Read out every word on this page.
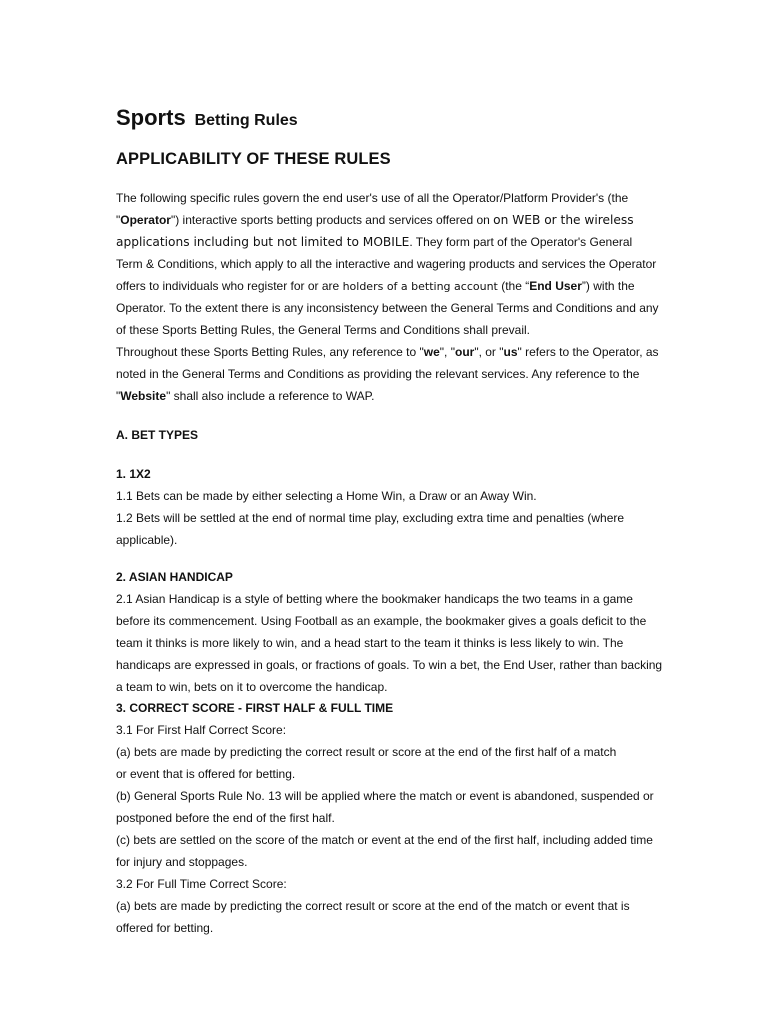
Sports Betting Rules
APPLICABILITY OF THESE RULES

The following specific rules govern the end user's use of all the Operator/Platform Provider's (the

"Operator") interactive sports betting products and services offered on on WEB or the wireless

applications including but not limited to MOBILE. They form part of the Operator's General

Term & Conditions, which apply to all the interactive and wagering products and services the Operator

offers to individuals who register for or are holders of a betting account (the “End User”) with the

Operator. To the extent there is any inconsistency between the General Terms and Conditions and any

of these Sports Betting Rules, the General Terms and Conditions shall prevail.

Throughout these Sports Betting Rules, any reference to "we", "our", or "us" refers to the Operator, as

noted in the General Terms and Conditions as providing the relevant services. Any reference to the

"Website" shall also include a reference to WAP.

A. BET TYPES

1. 1X2

1.1 Bets can be made by either selecting a Home Win, a Draw or an Away Win.

1.2 Bets will be settled at the end of normal time play, excluding extra time and penalties (where

applicable).

2. ASIAN HANDICAP

2.1 Asian Handicap is a style of betting where the bookmaker handicaps the two teams in a game

before its commencement. Using Football as an example, the bookmaker gives a goals deficit to the

team it thinks is more likely to win, and a head start to the team it thinks is less likely to win. The

handicaps are expressed in goals, or fractions of goals. To win a bet, the End User, rather than backing

a team to win, bets on it to overcome the handicap.

3. CORRECT SCORE - FIRST HALF & FULL TIME

3.1 For First Half Correct Score:

(a) bets are made by predicting the correct result or score at the end of the first half of a match

or event that is offered for betting.

(b) General Sports Rule No. 13 will be applied where the match or event is abandoned, suspended or

postponed before the end of the first half.

(c) bets are settled on the score of the match or event at the end of the first half, including added time

for injury and stoppages.

3.2 For Full Time Correct Score:

(a) bets are made by predicting the correct result or score at the end of the match or event that is

offered for betting.
